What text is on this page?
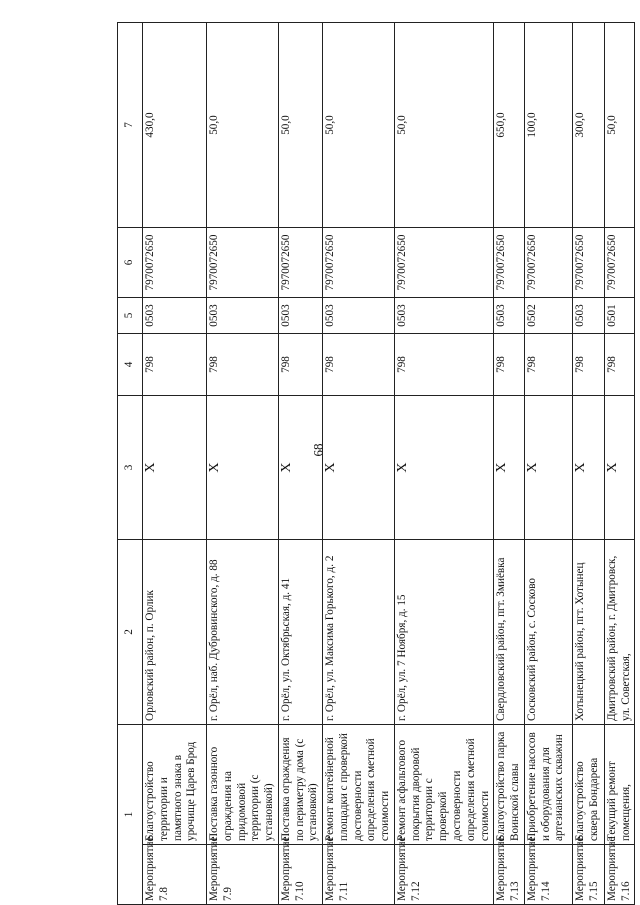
68
1		2	3	4	5	6	7
Мероприятие 7.8	Благоустройство территории и памятного знака в урочище Царев Брод	Орловский район, п. Орлик	X	798	0503	7970072650	430,0
Мероприятие 7.9	Поставка газонного ограждения на придомовой территории (с установкой)	г. Орёл, наб. Дубровинского, д. 88	X	798	0503	7970072650	50,0
Мероприятие 7.10	Поставка ограждения по периметру дома (с установкой)	г. Орёл, ул. Октябрьская, д. 41	X	798	0503	7970072650	50,0
Мероприятие 7.11	Ремонт контейнерной площадки с проверкой достоверности определения сметной стоимости	г. Орёл, ул. Максима Горького, д. 2	X	798	0503	7970072650	50,0
Мероприятие 7.12	Ремонт асфальтового покрытия дворовой территории с проверкой достоверности определения сметной стоимости	г. Орёл, ул. 7 Ноября, д. 15	X	798	0503	7970072650	50,0
Мероприятие 7.13	Благоустройство парка Воинской славы	Свердловский район, пгт. Змиёвка	X	798	0503	7970072650	650,0
Мероприятие 7.14	Приобретение насосов и оборудования для артезианских скважин	Сосковский район, с. Сосково	X	798	0502	7970072650	100,0
Мероприятие 7.15	Благоустройство сквера Бондарева	Хотынецкий район, пгт. Хотынец	X	798	0503	7970072650	300,0
Мероприятие 7.16	Текущий ремонт помещения,	Дмитровский район, г. Дмитровск, ул. Советская,	X	798	0501	7970072650	50,0
